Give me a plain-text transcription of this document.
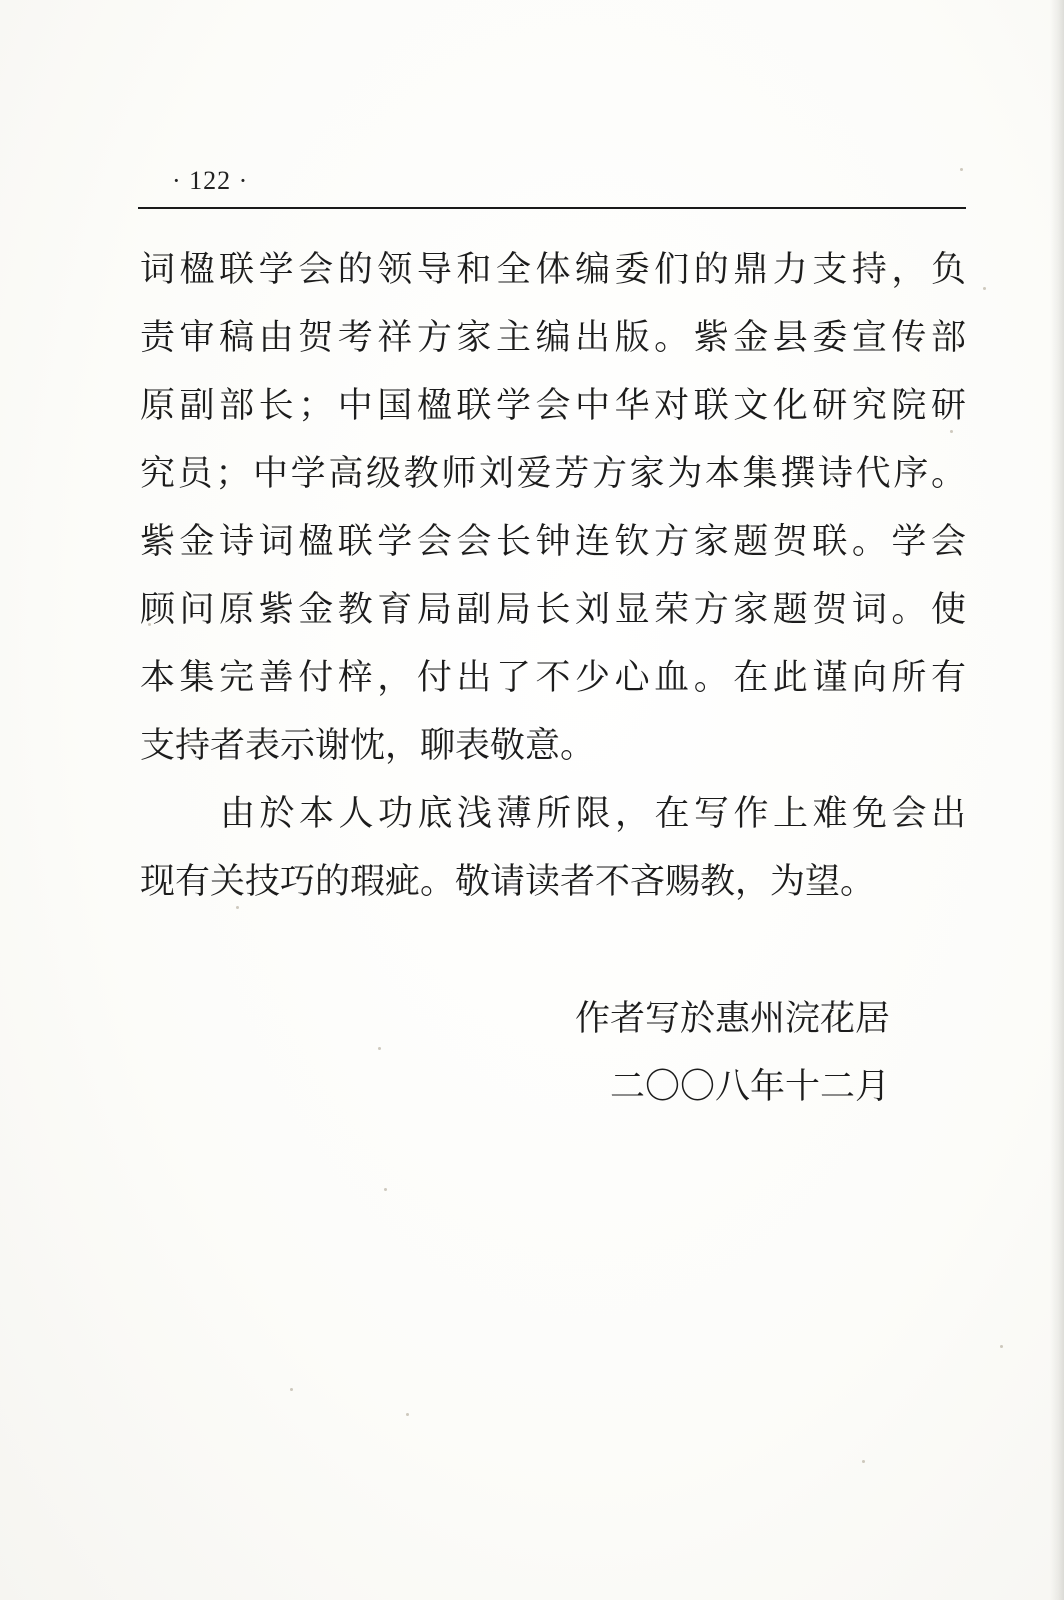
· 122 ·
词楹联学会的领导和全体编委们的鼎力支持，负
责审稿由贺考祥方家主编出版。紫金县委宣传部
原副部长；中国楹联学会中华对联文化研究院研
究员；中学高级教师刘爱芳方家为本集撰诗代序。
紫金诗词楹联学会会长钟连钦方家题贺联。学会
顾问原紫金教育局副局长刘显荣方家题贺词。使
本集完善付梓，付出了不少心血。在此谨向所有
支持者表示谢忱，聊表敬意。
由於本人功底浅薄所限，在写作上难免会出
现有关技巧的瑕疵。敬请读者不吝赐教，为望。
作者写於惠州浣花居
二〇〇八年十二月
